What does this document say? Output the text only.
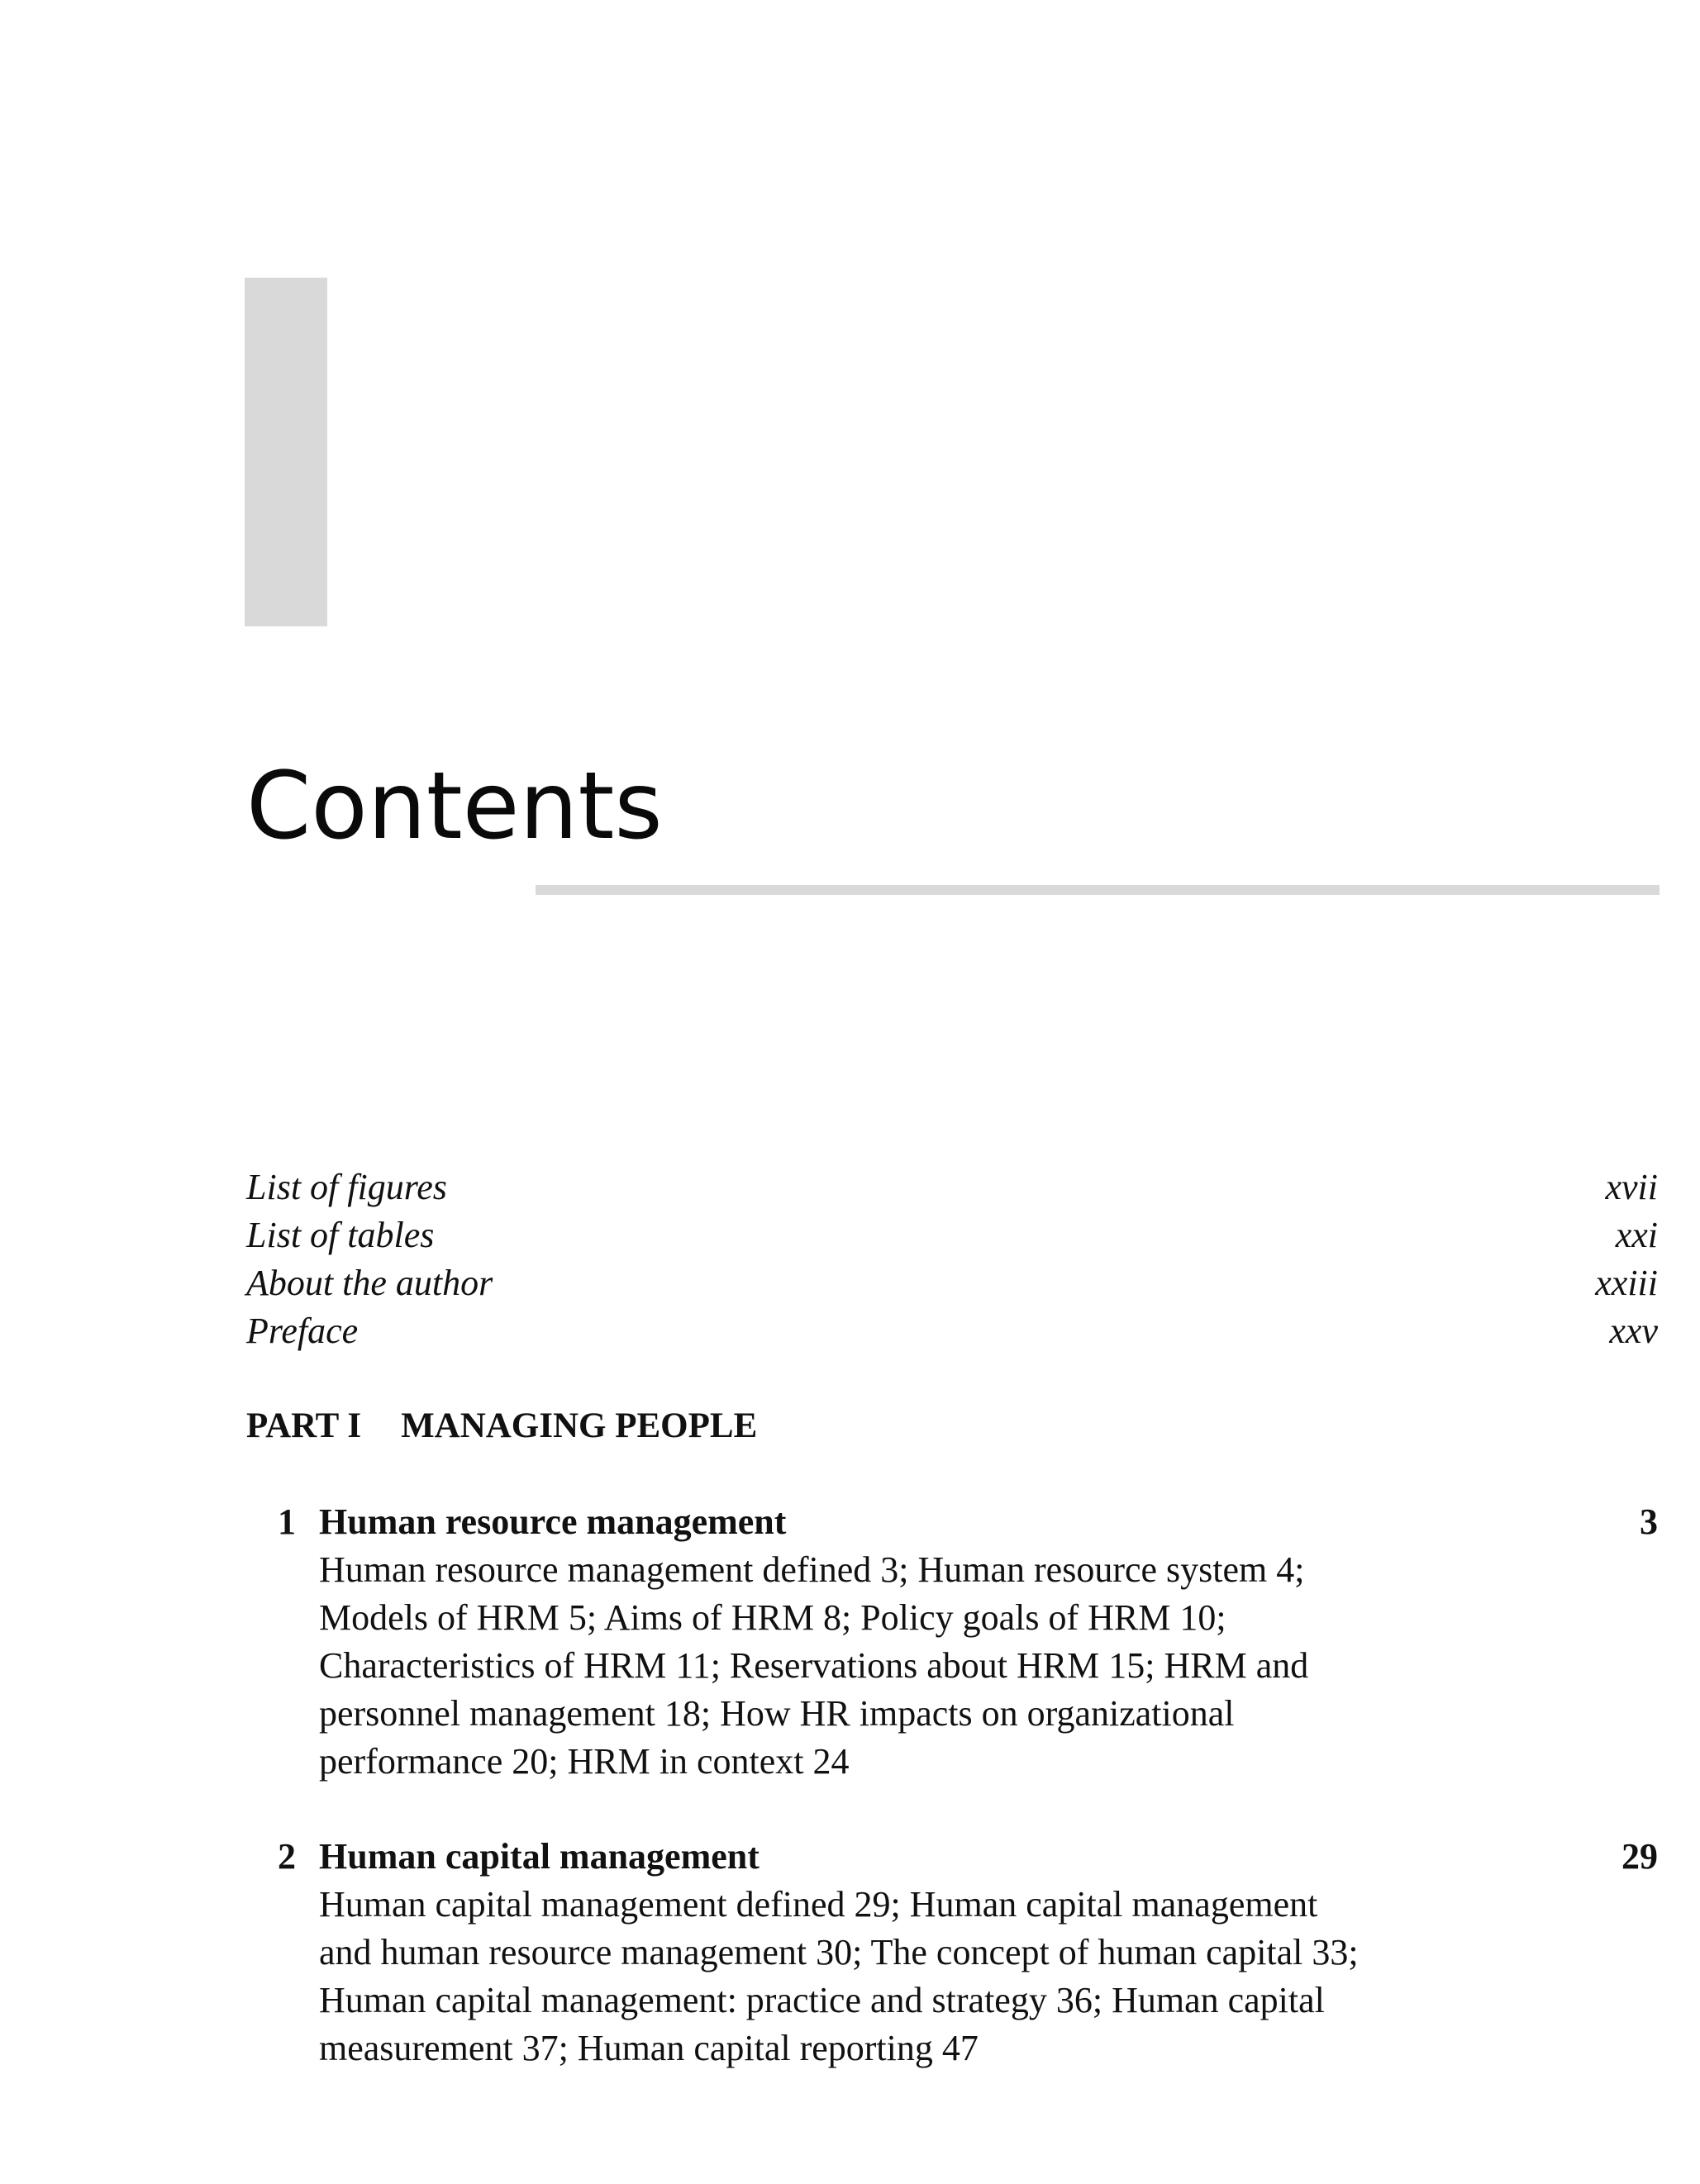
Contents
List of figures	xvii
List of tables	xxi
About the author	xxiii
Preface	xxv
PART I MANAGING PEOPLE
1 Human resource management	3
Human resource management defined 3; Human resource system 4;
Models of HRM 5; Aims of HRM 8; Policy goals of HRM 10;
Characteristics of HRM 11; Reservations about HRM 15; HRM and
personnel management 18; How HR impacts on organizational
performance 20; HRM in context 24
2 Human capital management	29
Human capital management defined 29; Human capital management
and human resource management 30; The concept of human capital 33;
Human capital management: practice and strategy 36; Human capital
measurement 37; Human capital reporting 47
